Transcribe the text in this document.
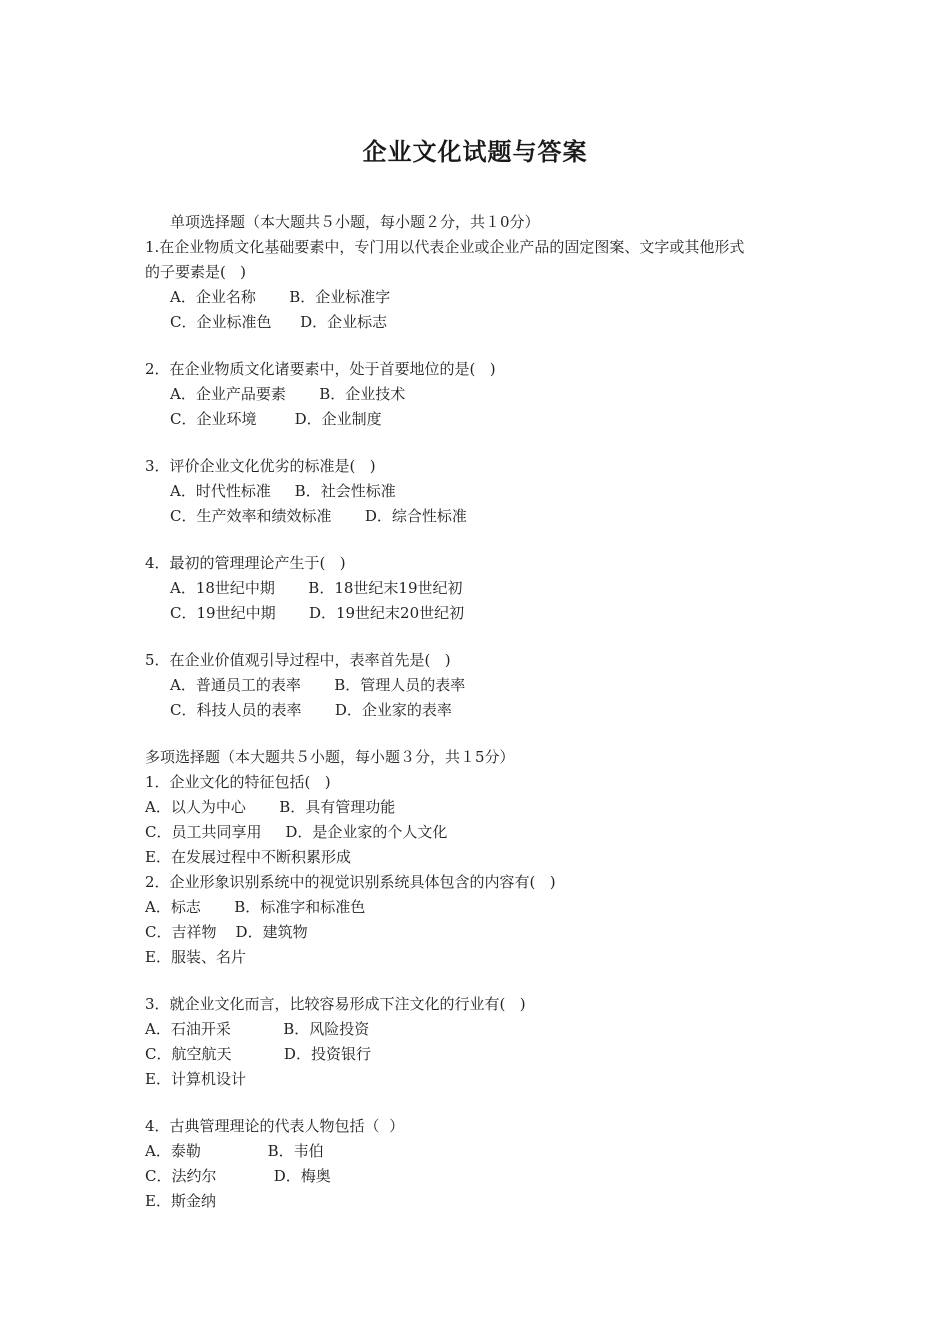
企业文化试题与答案
单项选择题（本大题共５小题，每小题２分，共１0分）
1.在企业物质文化基础要素中，专门用以代表企业或企业产品的固定图案、文字或其他形式
的子要素是(   )
A．企业名称       B．企业标准字
C．企业标准色      D．企业标志
2．在企业物质文化诸要素中，处于首要地位的是(   )
A．企业产品要素       B．企业技术
C．企业环境        D．企业制度
3．评价企业文化优劣的标准是(   )
A．时代性标准     B．社会性标准
C．生产效率和绩效标准       D．综合性标准
4．最初的管理理论产生于(   )
A．18世纪中期       B．18世纪末19世纪初
C．19世纪中期       D．19世纪末20世纪初
5．在企业价值观引导过程中，表率首先是(   )
A．普通员工的表率       B．管理人员的表率
C．科技人员的表率       D．企业家的表率
多项选择题（本大题共５小题，每小题３分，共１5分）
1．企业文化的特征包括(   )
A．以人为中心       B．具有管理功能
C．员工共同享用     D．是企业家的个人文化
E．在发展过程中不断积累形成
2．企业形象识别系统中的视觉识别系统具体包含的内容有(   )
A．标志       B．标准字和标准色
C．吉祥物    D．建筑物
E．服装、名片
3．就企业文化而言，比较容易形成下注文化的行业有(   )
A．石油开采           B．风险投资
C．航空航天           D．投资银行
E．计算机设计
4．古典管理理论的代表人物包括（  ）
A．泰勒              B．韦伯
C．法约尔            D．梅奥
E．斯金纳
